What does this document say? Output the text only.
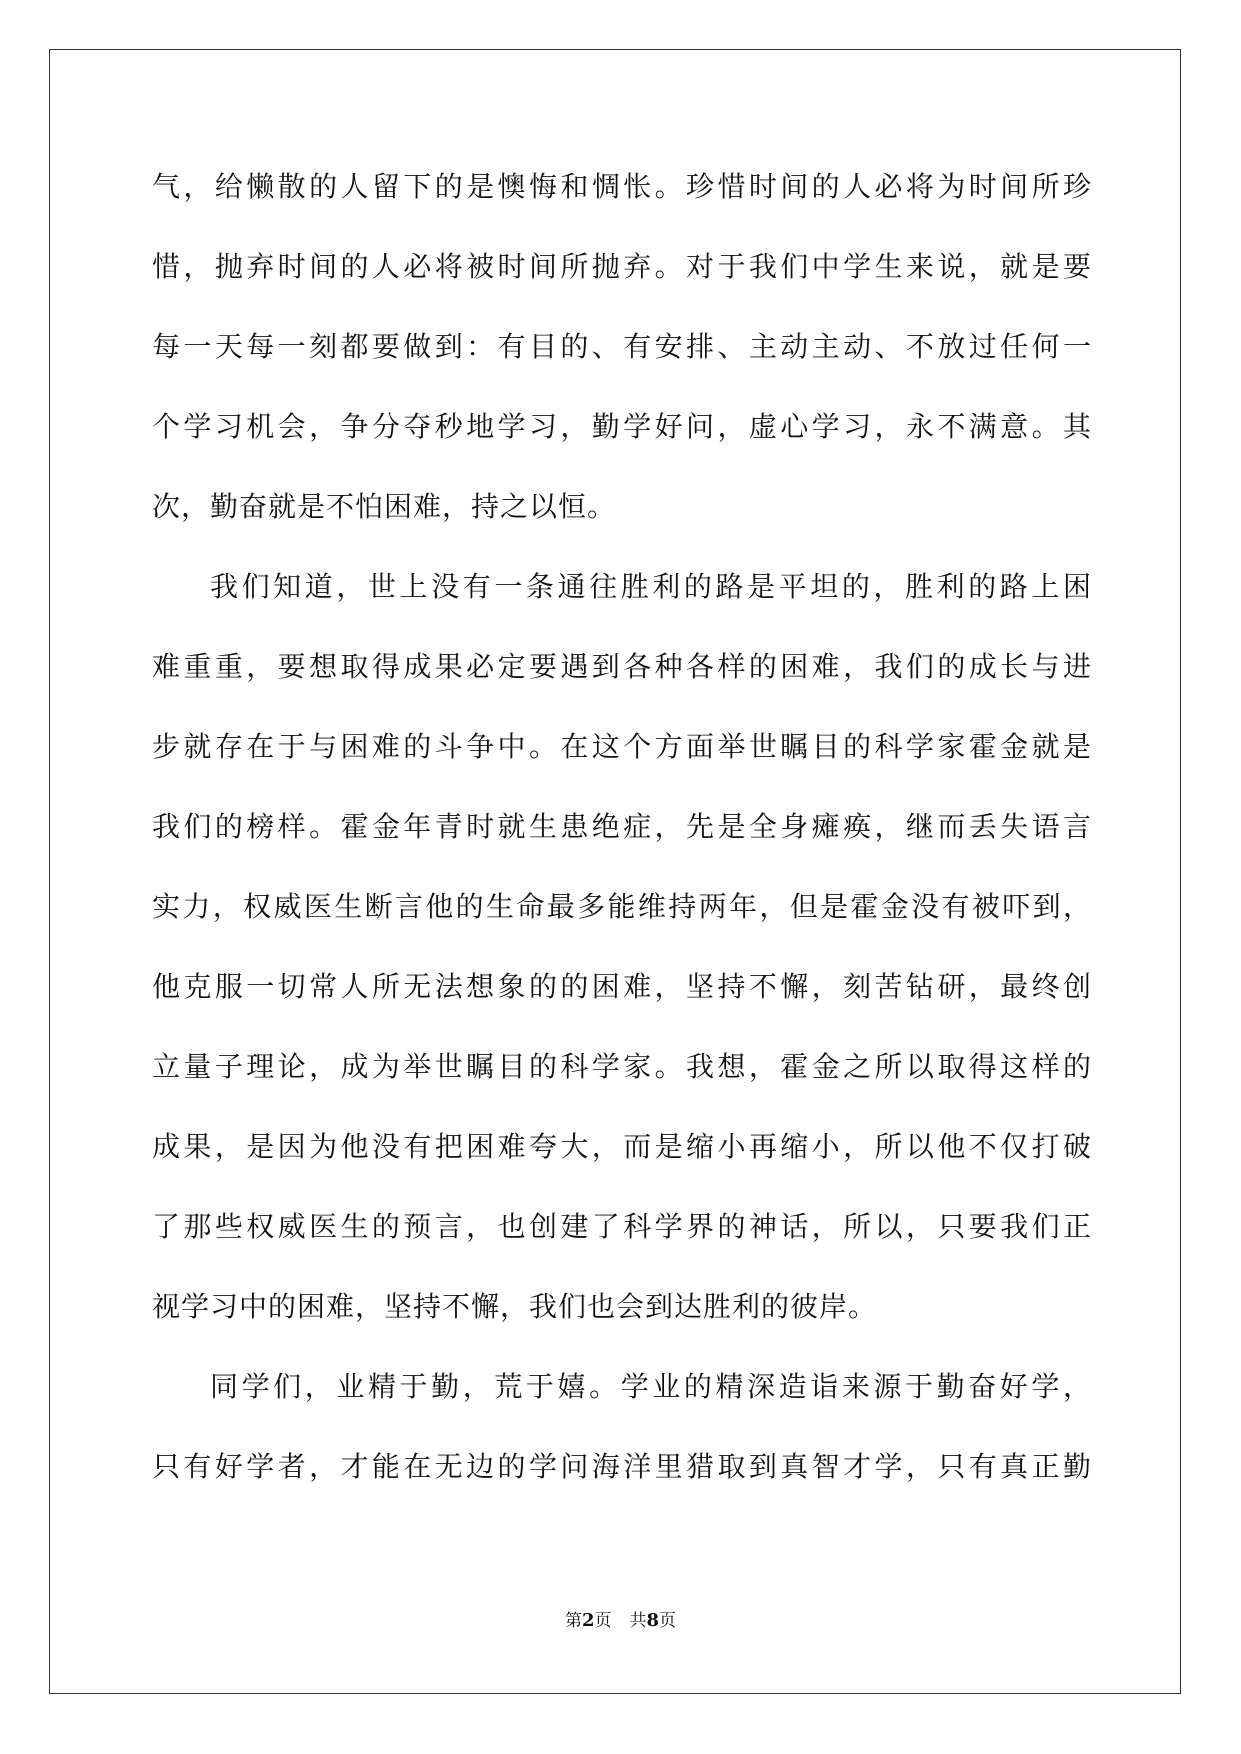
气，给懒散的人留下的是懊悔和惆怅。珍惜时间的人必将为时间所珍
惜，抛弃时间的人必将被时间所抛弃。对于我们中学生来说，就是要
每一天每一刻都要做到：有目的、有安排、主动主动、不放过任何一
个学习机会，争分夺秒地学习，勤学好问，虚心学习，永不满意。其
次，勤奋就是不怕困难，持之以恒。
我们知道，世上没有一条通往胜利的路是平坦的，胜利的路上困
难重重，要想取得成果必定要遇到各种各样的困难，我们的成长与进
步就存在于与困难的斗争中。在这个方面举世瞩目的科学家霍金就是
我们的榜样。霍金年青时就生患绝症，先是全身瘫痪，继而丢失语言
实力，权威医生断言他的生命最多能维持两年，但是霍金没有被吓到，
他克服一切常人所无法想象的的困难，坚持不懈，刻苦钻研，最终创
立量子理论，成为举世瞩目的科学家。我想，霍金之所以取得这样的
成果，是因为他没有把困难夸大，而是缩小再缩小，所以他不仅打破
了那些权威医生的预言，也创建了科学界的神话，所以，只要我们正
视学习中的困难，坚持不懈，我们也会到达胜利的彼岸。
同学们，业精于勤，荒于嬉。学业的精深造诣来源于勤奋好学，
只有好学者，才能在无边的学问海洋里猎取到真智才学，只有真正勤
第2页 共8页
